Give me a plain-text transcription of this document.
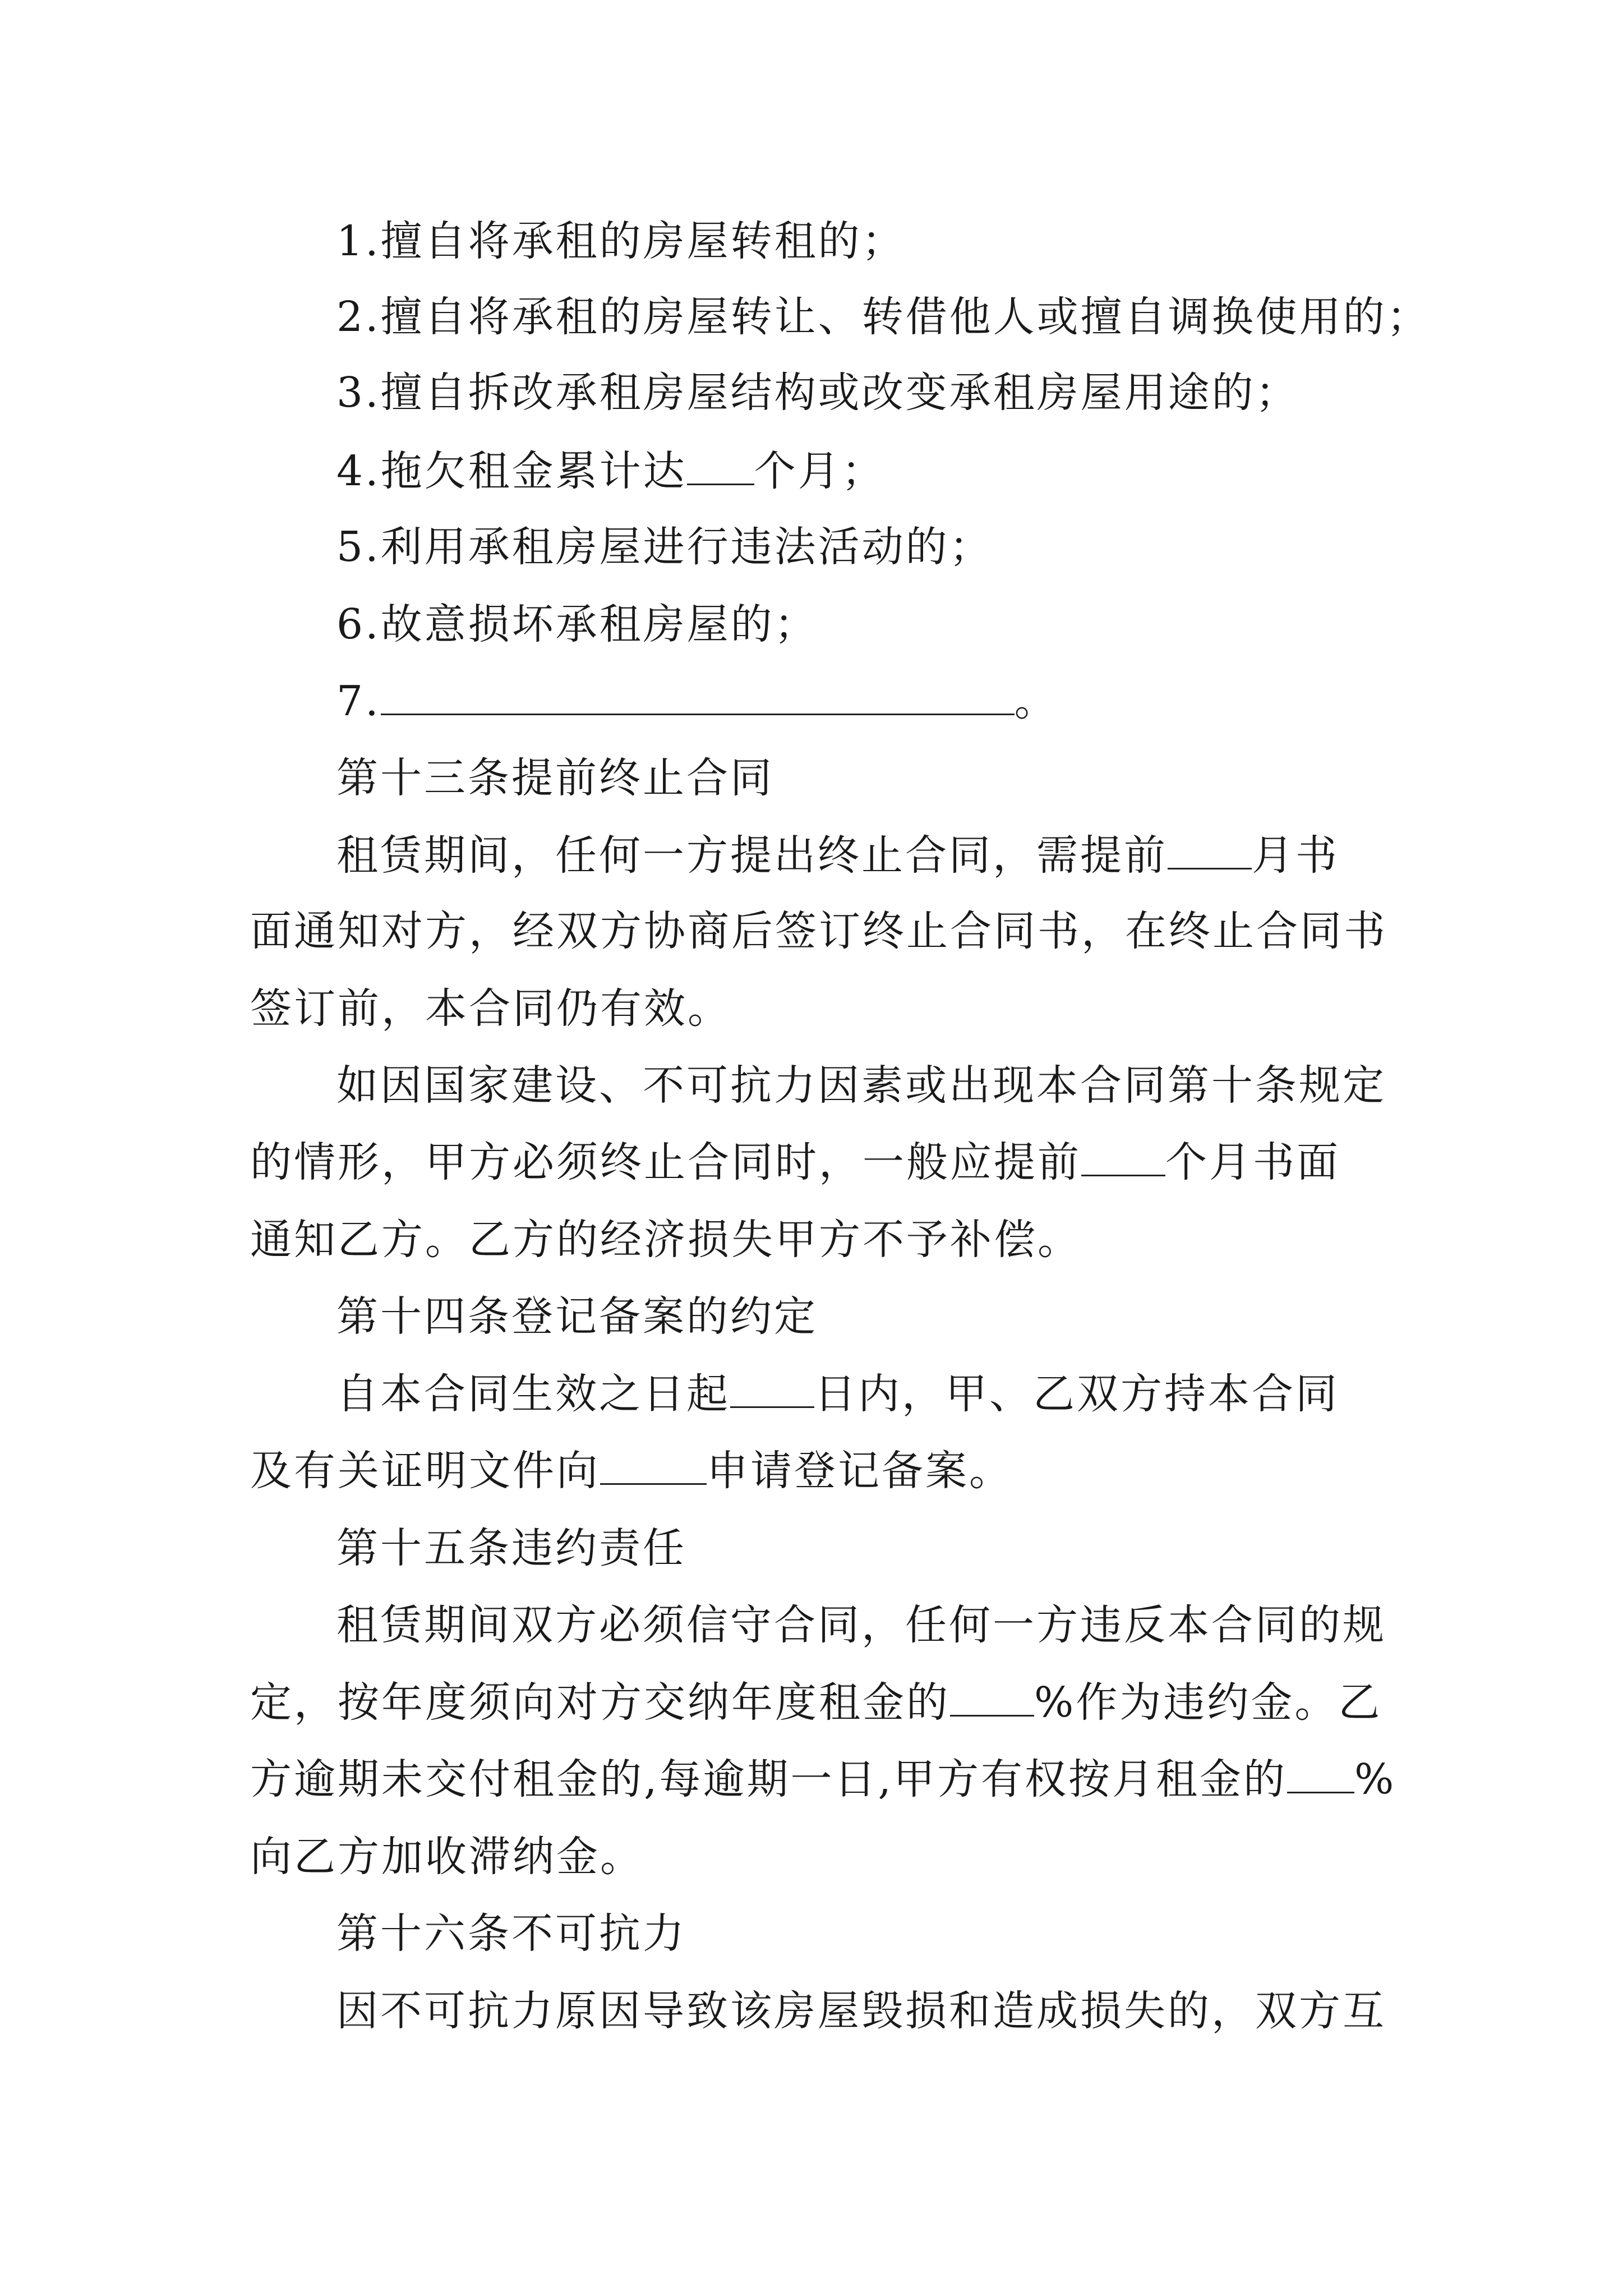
1.擅自将承租的房屋转租的；
2.擅自将承租的房屋转让、转借他人或擅自调换使用的；
3.擅自拆改承租房屋结构或改变承租房屋用途的；
4.拖欠租金累计达 个月；
5.利用承租房屋进行违法活动的；
6.故意损坏承租房屋的；
7.	。
第十三条提前终止合同
租赁期间，任何一方提出终止合同，需提前 月书
面通知对方，经双方协商后签订终止合同书，在终止合同书
签订前，本合同仍有效。
如因国家建设、不可抗力因素或出现本合同第十条规定
的情形，甲方必须终止合同时，一般应提前 个月书面
通知乙方。乙方的经济损失甲方不予补偿。
第十四条登记备案的约定
自本合同生效之日起 日内，甲、乙双方持本合同
及有关证明文件向	申请登记备案。
第十五条违约责任
租赁期间双方必须信守合同，任何一方违反本合同的规
定，按年度须向对方交纳年度租金的 %作为违约金。乙
方逾期未交付租金的,每逾期一日,甲方有权按月租金的 %
向乙方加收滞纳金。
第十六条不可抗力
因不可抗力原因导致该房屋毁损和造成损失的，双方互
